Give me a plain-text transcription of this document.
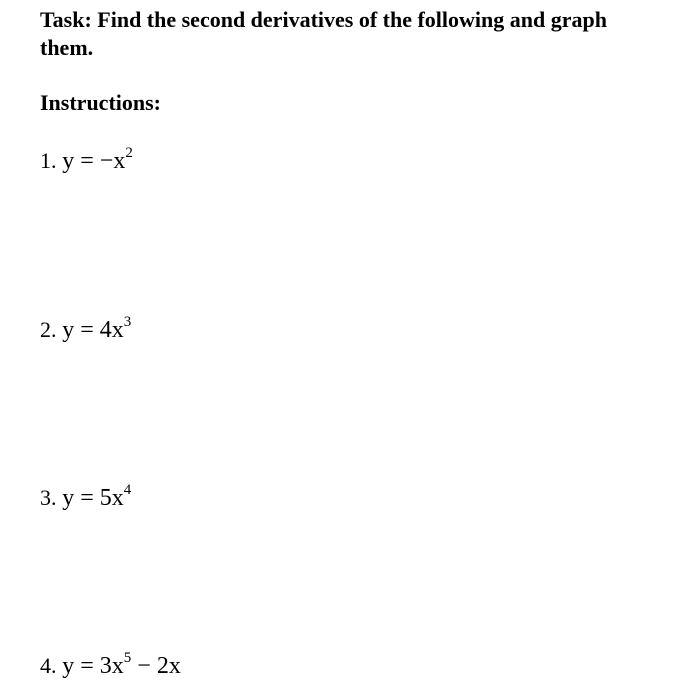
Task: Find the second derivatives of the following and graph them.
Instructions:

1. $y = -x^2$

2. $y = 4x^3$

3. $y = 5x^4$

4. $y = 3x^5 - 2x$
